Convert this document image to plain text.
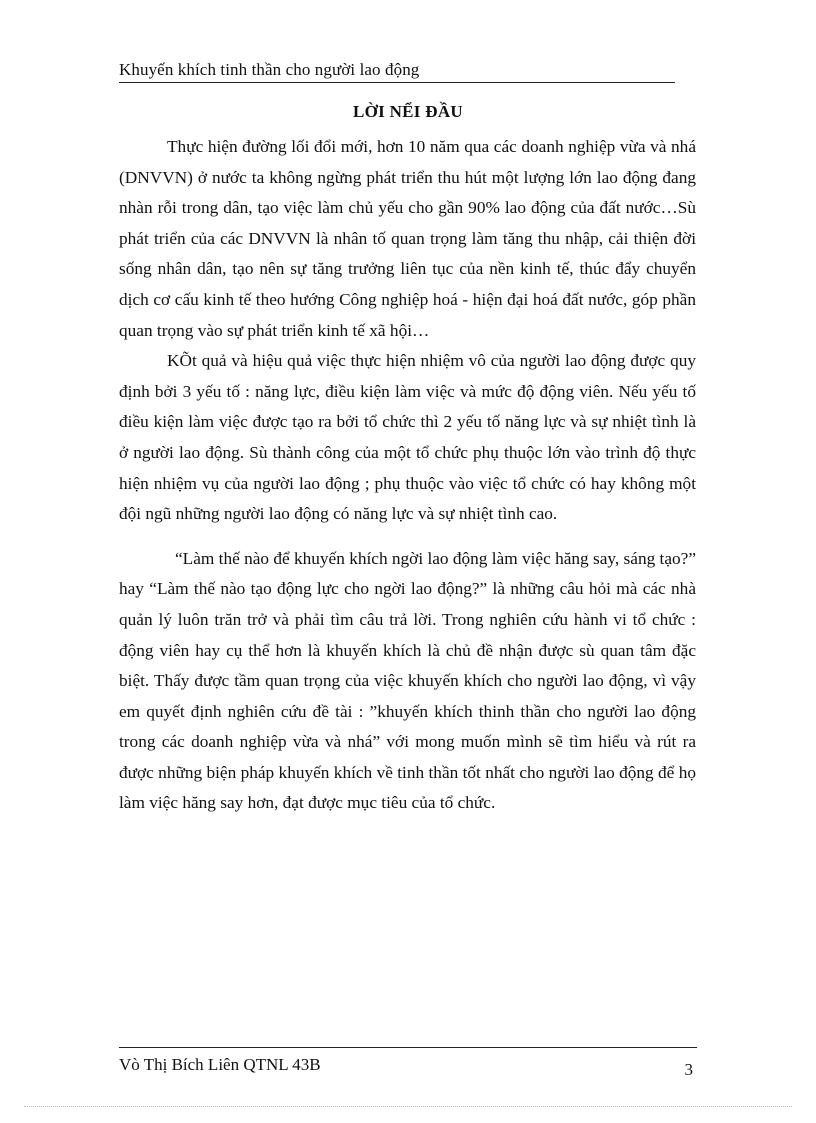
Khuyến khích tinh thần cho người lao động
LỜI NỂI ĐẦU

Thực hiện đường lối đổi mới, hơn 10 năm qua các doanh nghiệp vừa và nhá (DNVVN) ở nước ta không ngừng phát triển thu hút một lượng lớn lao động đang nhàn rỗi trong dân, tạo việc làm chủ yếu cho gần 90% lao động của đất nước…Sù phát triển của các DNVVN là nhân tố quan trọng làm tăng thu nhập, cải thiện đời sống nhân dân, tạo nên sự tăng trưởng liên tục của nền kinh tế, thúc đẩy chuyển dịch cơ cấu kinh tế theo hướng Công nghiệp hoá - hiện đại hoá đất nước, góp phần quan trọng vào sự phát triển kinh tế xã hội…

KÕt quả và hiệu quả việc thực hiện nhiệm vô của người lao động được quy định bởi 3 yếu tố : năng lực, điều kiện làm việc và mức độ động viên. Nếu yếu tố điều kiện làm việc được tạo ra bởi tổ chức thì 2 yếu tố năng lực và sự nhiệt tình là ở người lao động. Sù thành công của một tổ chức phụ thuộc lớn vào trình độ thực hiện nhiệm vụ của người lao động ; phụ thuộc vào việc tổ chức có hay không một đội ngũ những người lao động có năng lực và sự nhiệt tình cao.

“Làm thế nào để khuyến khích ngời lao động làm việc hăng say, sáng tạo?” hay “Làm thế nào tạo động lực cho ngời lao động?” là những câu hỏi mà các nhà quản lý luôn trăn trở và phải tìm câu trả lời. Trong nghiên cứu hành vi tổ chức : động viên hay cụ thể hơn là khuyến khích là chủ đề nhận được sù quan tâm đặc biệt. Thấy được tầm quan trọng của việc khuyến khích cho người lao động, vì vậy em quyết định nghiên cứu đề tài : ”khuyến khích thinh thần cho người lao động trong các doanh nghiệp vừa và nhá” với mong muốn mình sẽ tìm hiểu và rút ra được những biện pháp khuyến khích về tinh thần tốt nhất cho người lao động để họ làm việc hăng say hơn, đạt được mục tiêu của tổ chức.

Vò Thị Bích Liên QTNL 43B	3
